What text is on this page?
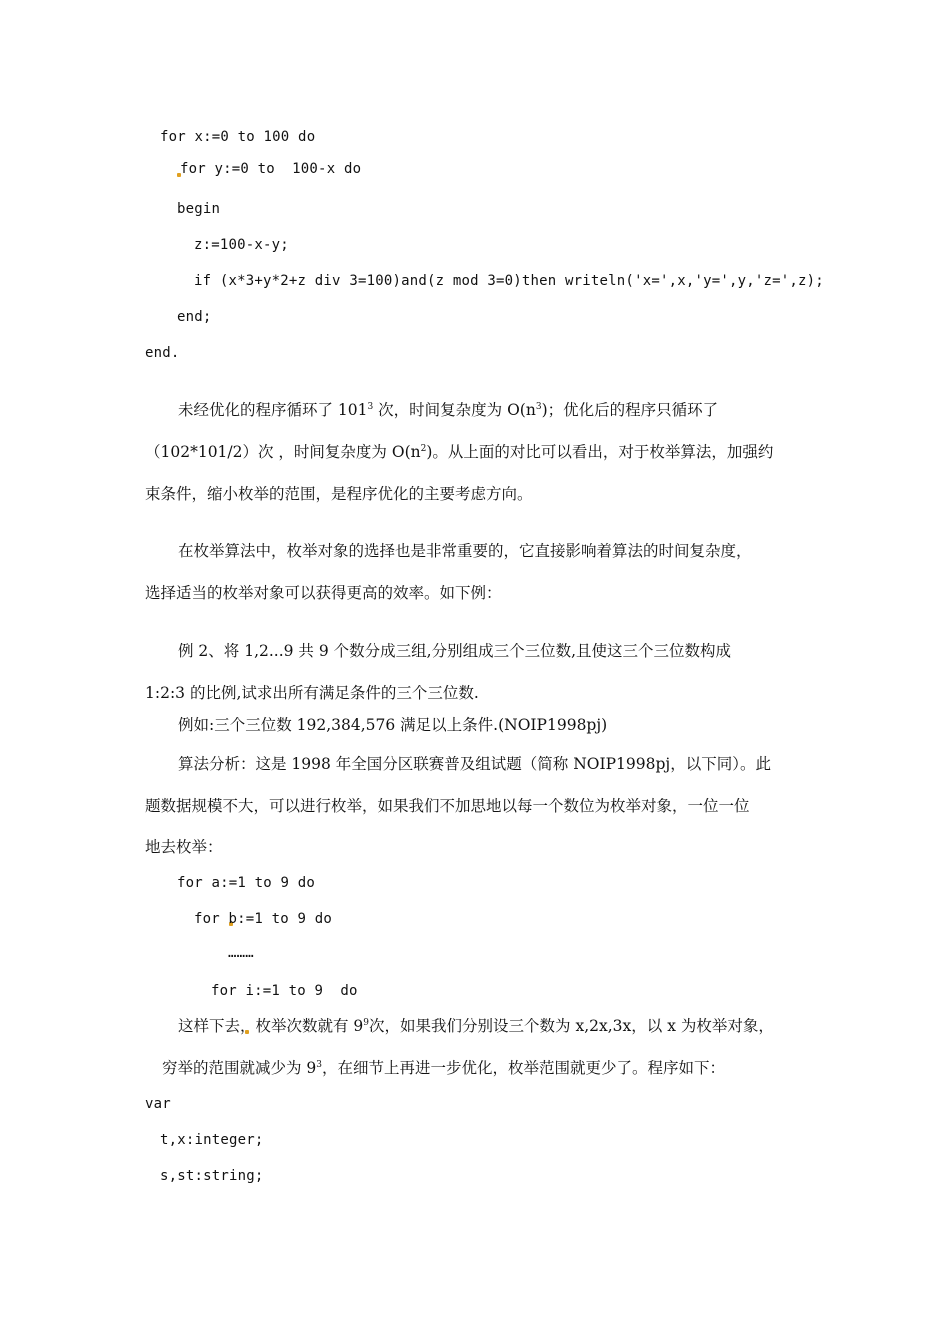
for x:=0 to 100 do
for y:=0 to  100-x do
begin
z:=100-x-y;
if (x*3+y*2+z div 3=100)and(z mod 3=0)then writeln('x=',x,'y=',y,'z=',z);
end;
end.
未经优化的程序循环了 $101^3$ 次，时间复杂度为 $O(n^3)$；优化后的程序只循环了
（102*101/2）次 ，时间复杂度为 $O(n^2)$。从上面的对比可以看出，对于枚举算法，加强约
束条件，缩小枚举的范围，是程序优化的主要考虑方向。
在枚举算法中，枚举对象的选择也是非常重要的，它直接影响着算法的时间复杂度，
选择适当的枚举对象可以获得更高的效率。如下例：
例 2、将 1,2...9 共 9 个数分成三组,分别组成三个三位数,且使这三个三位数构成
1:2:3 的比例,试求出所有满足条件的三个三位数.
例如:三个三位数 192,384,576 满足以上条件.(NOIP1998pj)
算法分析：这是 1998 年全国分区联赛普及组试题（简称 NOIP1998pj，以下同）。此
题数据规模不大，可以进行枚举，如果我们不加思地以每一个数位为枚举对象，一位一位
地去枚举：
for a:=1 to 9 do
for b:=1 to 9 do
………
for i:=1 to 9  do
这样下去，枚举次数就有 $9^9$次，如果我们分别设三个数为 x,2x,3x，以 x 为枚举对象，
穷举的范围就减少为 $9^3$，在细节上再进一步优化，枚举范围就更少了。程序如下：
var
t,x:integer;
s,st:string;
